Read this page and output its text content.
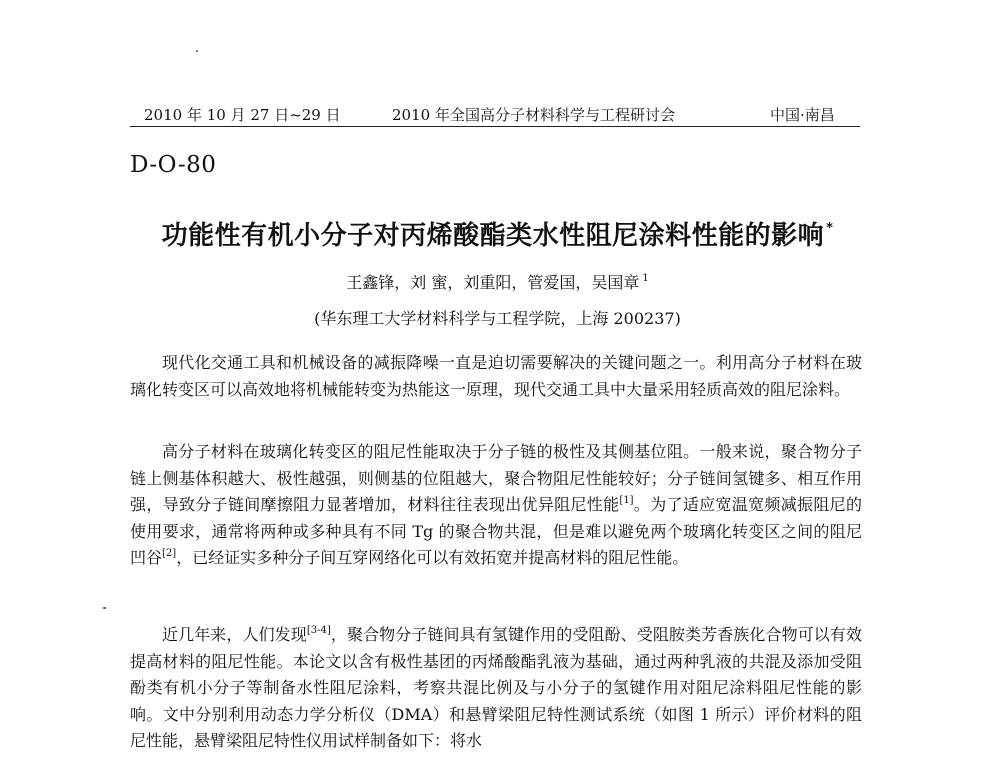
2010 年 10 月 27 日~29 日	2010 年全国高分子材料科学与工程研讨会	中国·南昌
D-O-80
功能性有机小分子对丙烯酸酯类水性阻尼涂料性能的影响 *
王鑫锋，刘 蜜，刘重阳，管爱国，吴国章 $^1$
(华东理工大学材料科学与工程学院，上海 200237)

现代化交通工具和机械设备的减振降噪一直是迫切需要解决的关键问题之一。利用高分子材料在玻璃化转变区可以高效地将机械能转变为热能这一原理，现代交通工具中大量采用轻质高效的阻尼涂料。

高分子材料在玻璃化转变区的阻尼性能取决于分子链的极性及其侧基位阻。一般来说，聚合物分子链上侧基体积越大、极性越强，则侧基的位阻越大，聚合物阻尼性能较好；分子链间氢键多、相互作用强，导致分子链间摩擦阻力显著增加，材料往往表现出优异阻尼性能[1]。为了适应宽温宽频减振阻尼的使用要求，通常将两种或多种具有不同 Tg 的聚合物共混，但是难以避免两个玻璃化转变区之间的阻尼凹谷[2]，已经证实多种分子间互穿网络化可以有效拓宽并提高材料的阻尼性能。

近几年来，人们发现[3-4]，聚合物分子链间具有氢键作用的受阻酚、受阻胺类芳香族化合物可以有效提高材料的阻尼性能。本论文以含有极性基团的丙烯酸酯乳液为基础，通过两种乳液的共混及添加受阻酚类有机小分子等制备水性阻尼涂料，考察共混比例及与小分子的氢键作用对阻尼涂料阻尼性能的影响。文中分别利用动态力学分析仪（DMA）和悬臂梁阻尼特性测试系统（如图 1 所示）评价材料的阻尼性能，悬臂梁阻尼特性仪用试样制备如下：将水
